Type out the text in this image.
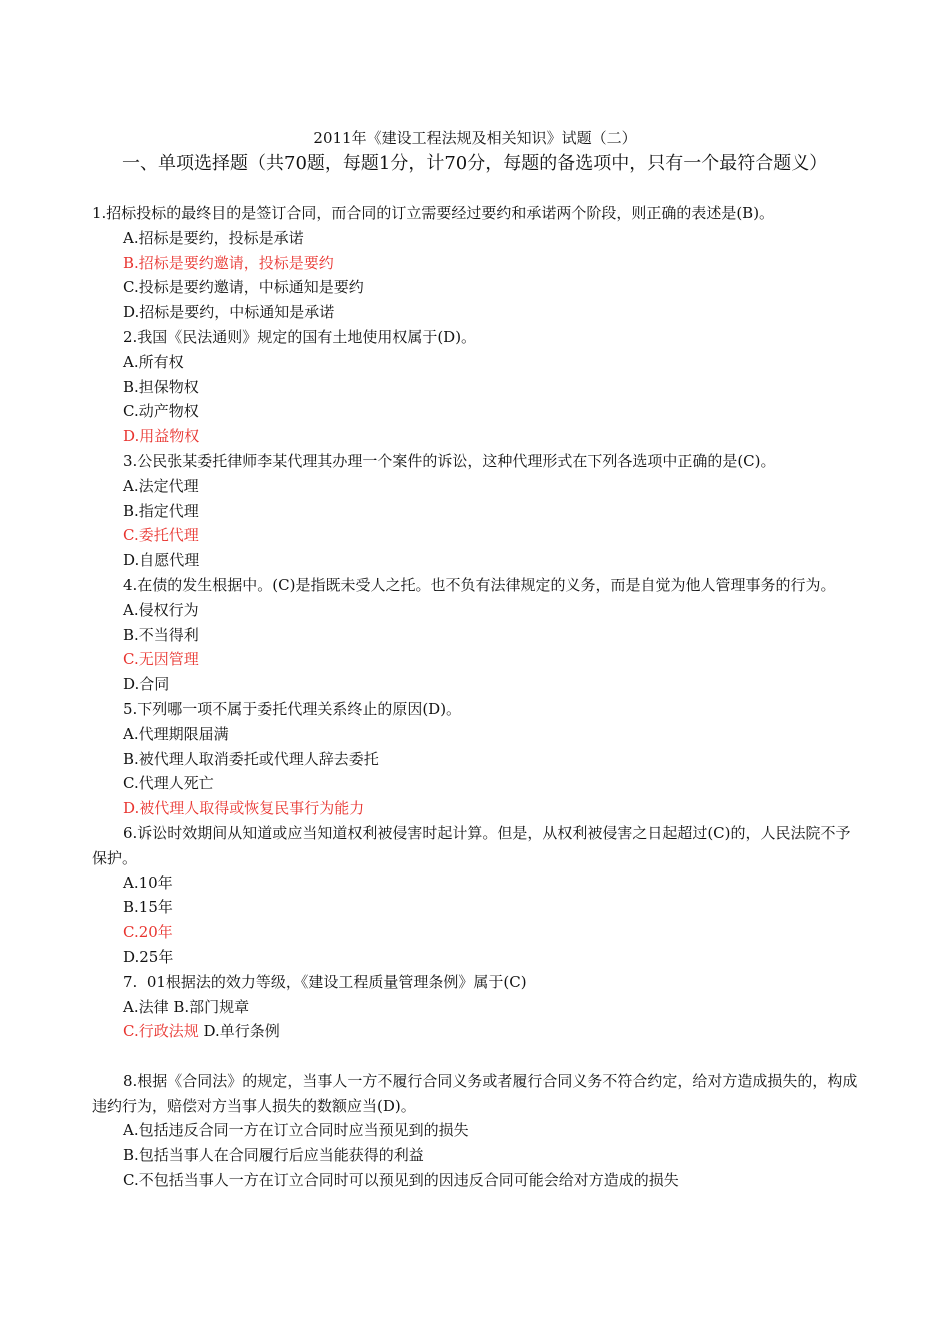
2011年《建设工程法规及相关知识》试题（二）
一、单项选择题（共70题，每题1分，计70分，每题的备选项中，只有一个最符合题义）
1.招标投标的最终目的是签订合同，而合同的订立需要经过要约和承诺两个阶段，则正确的表述是(B)。
A.招标是要约，投标是承诺
B.招标是要约邀请，投标是要约
C.投标是要约邀请，中标通知是要约
D.招标是要约，中标通知是承诺
2.我国《民法通则》规定的国有土地使用权属于(D)。
A.所有权
B.担保物权
C.动产物权
D.用益物权
3.公民张某委托律师李某代理其办理一个案件的诉讼，这种代理形式在下列各选项中正确的是(C)。
A.法定代理
B.指定代理
C.委托代理
D.自愿代理
4.在债的发生根据中。(C)是指既未受人之托。也不负有法律规定的义务，而是自觉为他人管理事务的行为。
A.侵权行为
B.不当得利
C.无因管理
D.合同
5.下列哪一项不属于委托代理关系终止的原因(D)。
A.代理期限届满
B.被代理人取消委托或代理人辞去委托
C.代理人死亡
D.被代理人取得或恢复民事行为能力
6.诉讼时效期间从知道或应当知道权利被侵害时起计算。但是，从权利被侵害之日起超过(C)的，人民法院不予保护。
A.10年
B.15年
C.20年
D.25年
7.  01根据法的效力等级，《建设工程质量管理条例》属于(C)
A.法律 B.部门规章
C.行政法规 D.单行条例
8.根据《合同法》的规定，当事人一方不履行合同义务或者履行合同义务不符合约定，给对方造成损失的，构成违约行为，赔偿对方当事人损失的数额应当(D)。
A.包括违反合同一方在订立合同时应当预见到的损失
B.包括当事人在合同履行后应当能获得的利益
C.不包括当事人一方在订立合同时可以预见到的因违反合同可能会给对方造成的损失
